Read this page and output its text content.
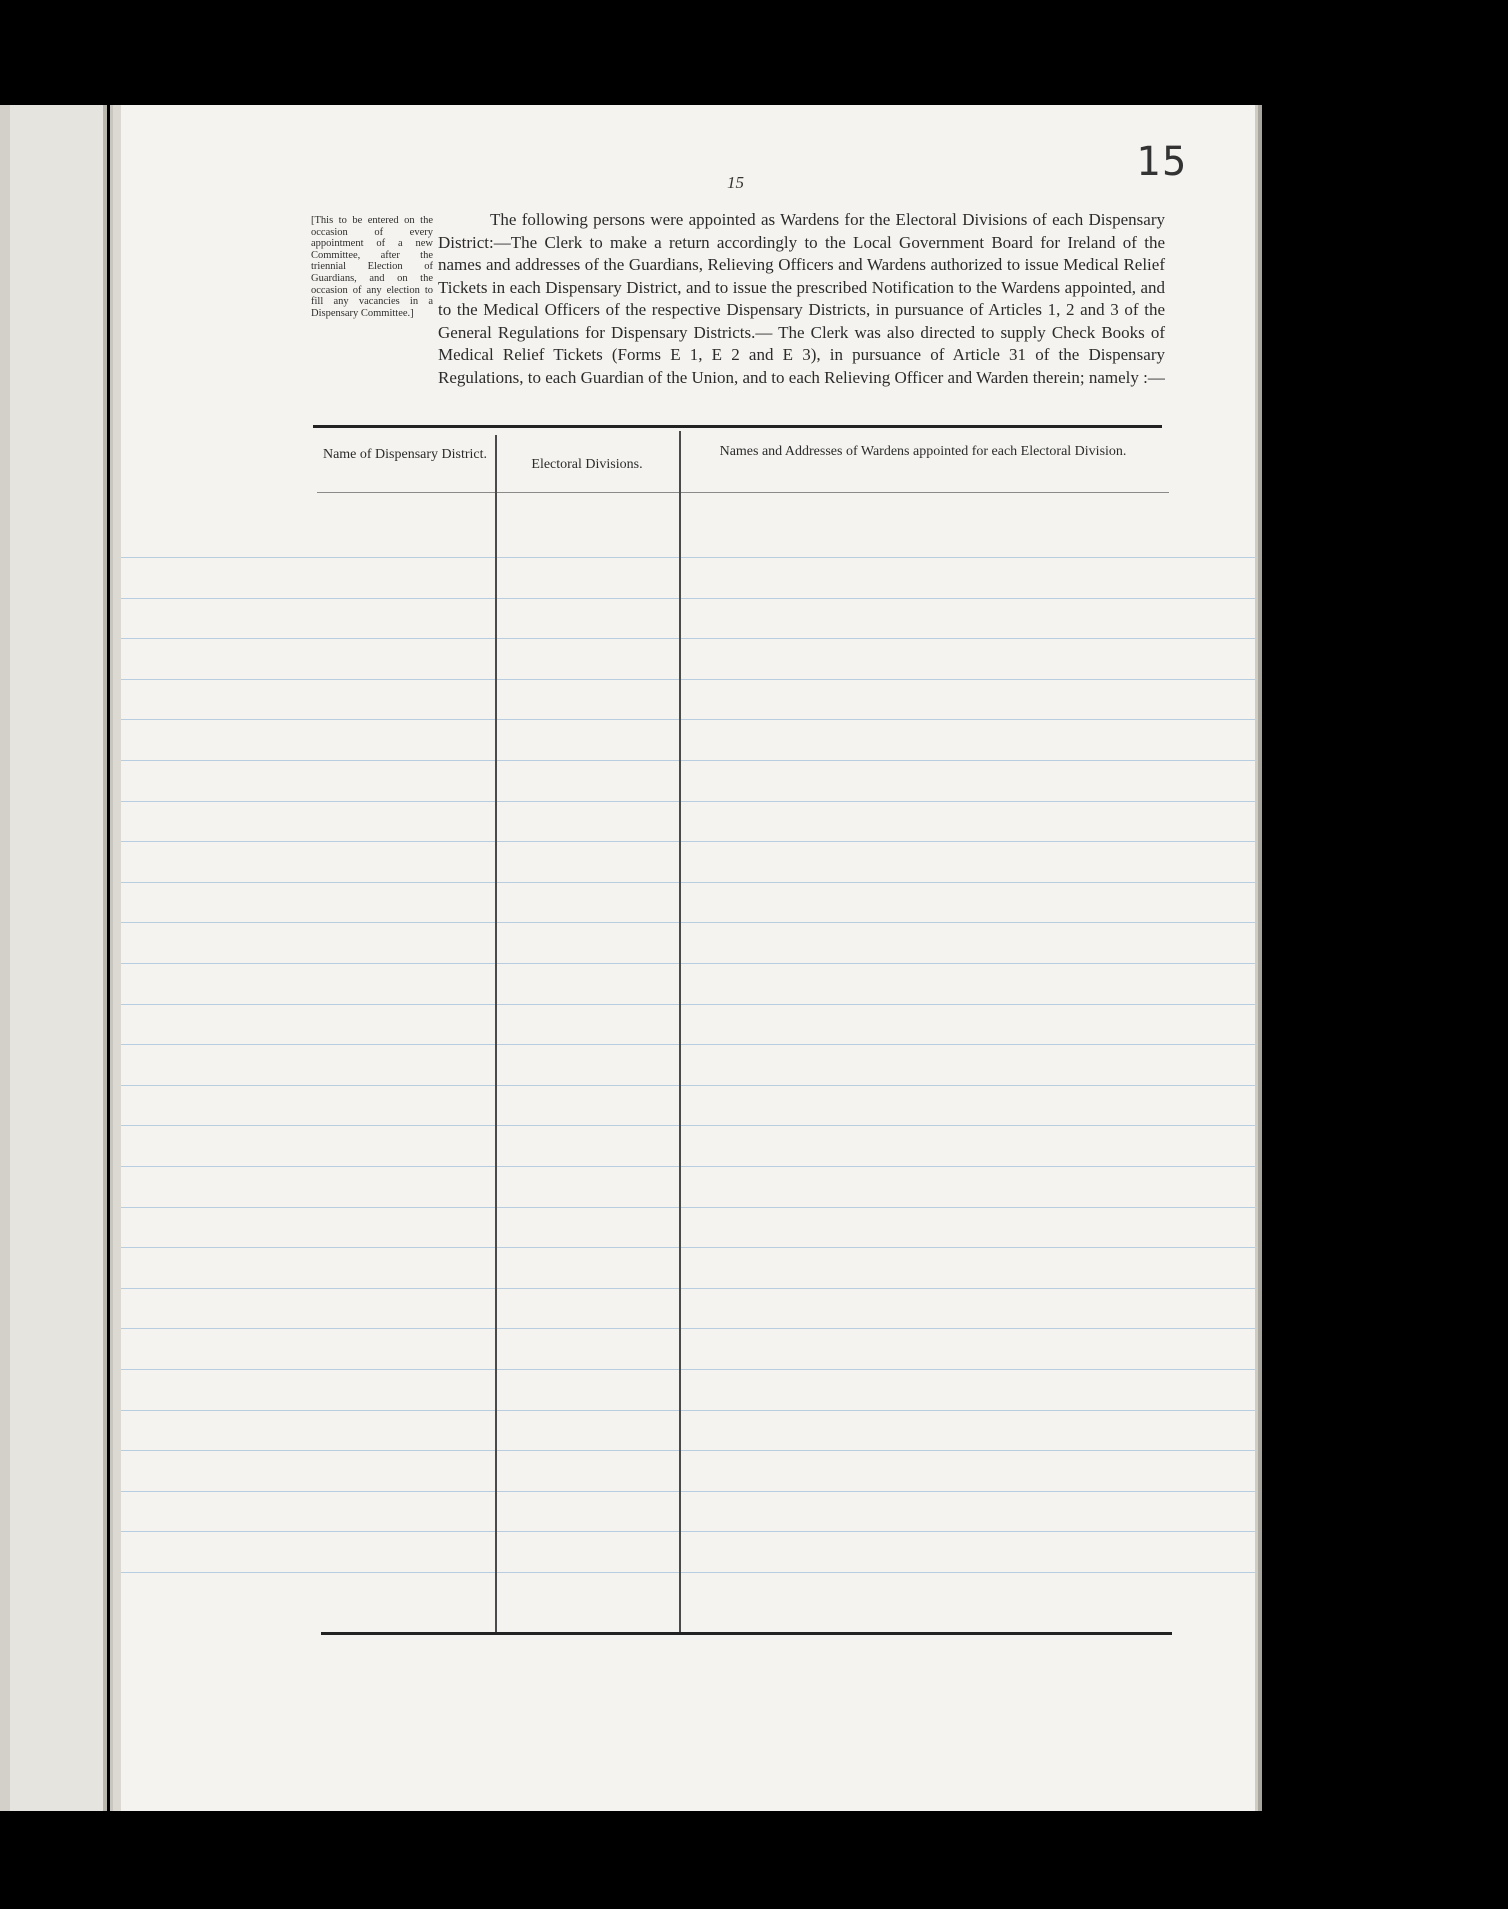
15
15
[This to be entered on the occasion of every appointment of a new Committee, after the triennial Election of Guardians, and on the occasion of any election to fill any vacancies in a Dispensary Committee.]
The following persons were appointed as Wardens for the Electoral Divisions of each Dispensary District:—The Clerk to make a return accordingly to the Local Government Board for Ireland of the names and addresses of the Guardians, Relieving Officers and Wardens authorized to issue Medical Relief Tickets in each Dispensary District, and to issue the prescribed Notification to the Wardens appointed, and to the Medical Officers of the respective Dispensary Districts, in pursuance of Articles 1, 2 and 3 of the General Regulations for Dispensary Districts.— The Clerk was also directed to supply Check Books of Medical Relief Tickets (Forms E 1, E 2 and E 3), in pursuance of Article 31 of the Dispensary Regulations, to each Guardian of the Union, and to each Relieving Officer and Warden therein; namely :—
Name of Dispensary District.
Electoral Divisions.
Names and Addresses of Wardens appointed for each Electoral Division.
